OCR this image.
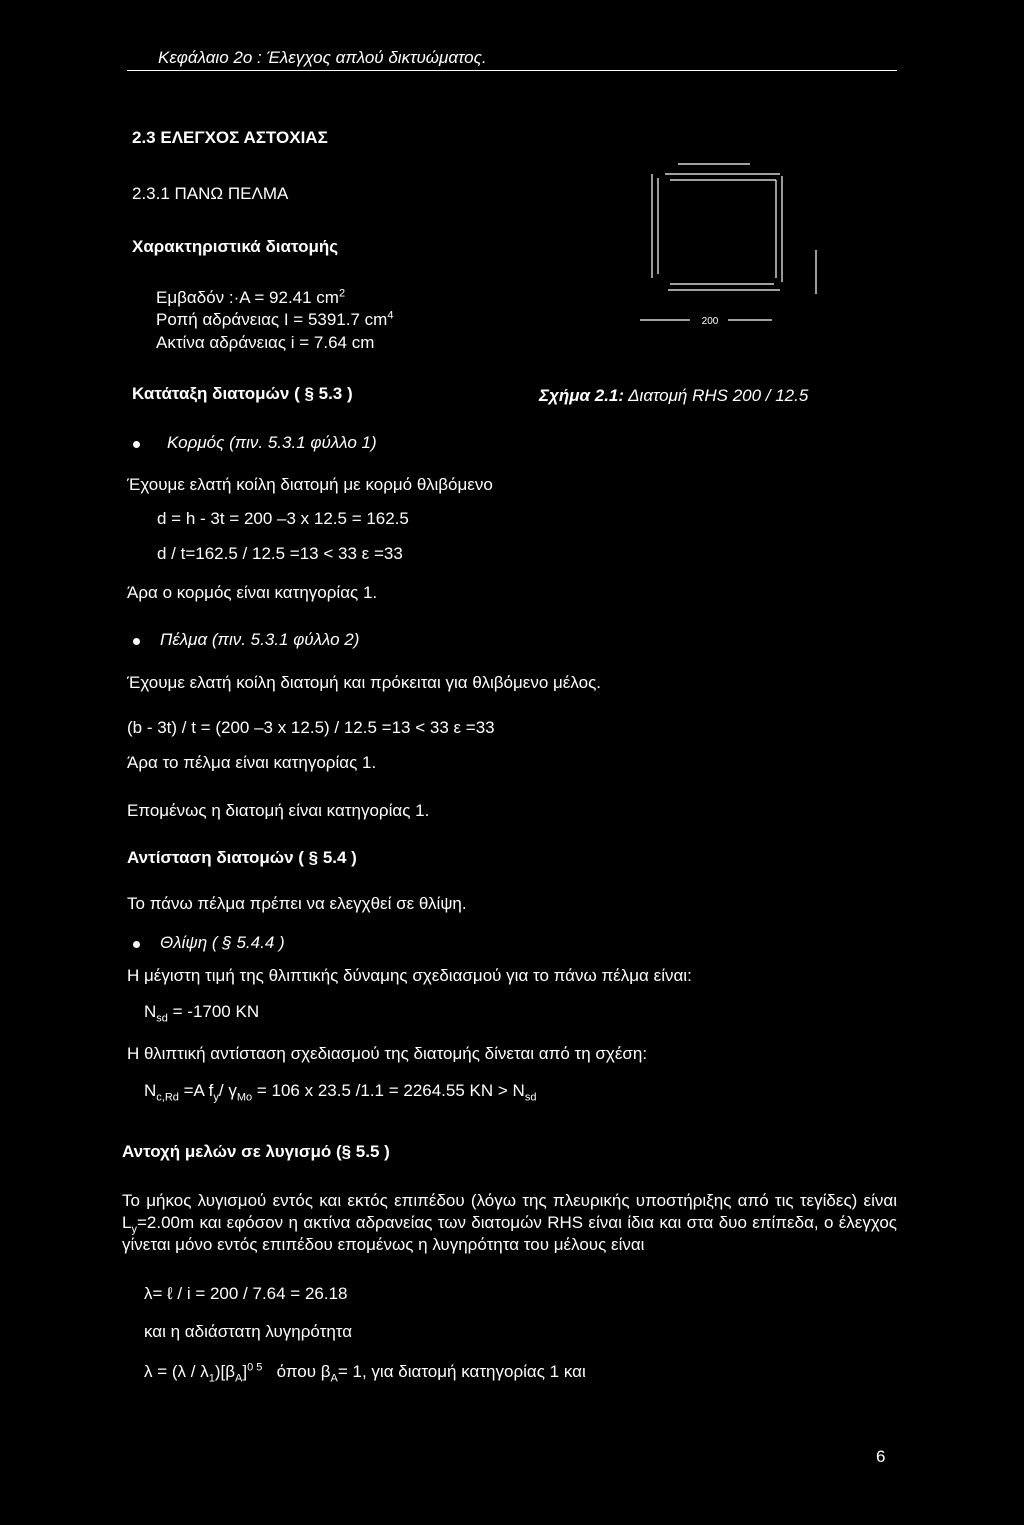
Κεφάλαιο 2ο : Έλεγχος απλού δικτυώματος.
2.3 ΕΛΕΓΧΟΣ ΑΣΤΟΧΙΑΣ
2.3.1 ΠΑΝΩ ΠΕΛΜΑ
Χαρακτηριστικά διατομής
Εμβαδόν :·Α = 92.41 $cm^2$
Ροπή αδράνειας Ι = 5391.7 $cm^4$
Ακτίνα αδράνειας i = 7.64 cm
200
Κατάταξη διατομών ( § 5.3 )	Σχήμα 2.1: Διατομή RHS 200 / 12.5
Κορμός (πιν. 5.3.1 φύλλο 1)
Έχουμε ελατή κοίλη διατομή με κορμό θλιβόμενο
d = h - 3t = 200 –3 x 12.5 = 162.5
d / t=162.5 / 12.5 =13 < 33 ε =33
Άρα ο κορμός είναι κατηγορίας 1.
Πέλμα (πιν. 5.3.1 φύλλο 2)
Έχουμε ελατή κοίλη διατομή και πρόκειται για θλιβόμενο μέλος.
(b - 3t) / t = (200 –3 x 12.5) / 12.5 =13 < 33 ε =33
Άρα το πέλμα είναι κατηγορίας 1.
Επομένως η διατομή είναι κατηγορίας 1.
Αντίσταση διατομών ( § 5.4 )
Το πάνω πέλμα πρέπει να ελεγχθεί σε θλίψη.
Θλίψη ( § 5.4.4 )
Η μέγιστη τιμή της θλιπτικής δύναμης σχεδιασμού για το πάνω πέλμα είναι:
$N_{sd} = -1700$ KN
Η θλιπτική αντίσταση σχεδιασμού της διατομής δίνεται από τη σχέση:
$N_{c,Rd} =A$ $f_y/$ $\gamma_{Mo} = 106$ x 23.5 /1.1 = 2264.55 KN > $N_{sd}$
Αντοχή μελών σε λυγισμό (§ 5.5 )
Το μήκος λυγισμού εντός και εκτός επιπέδου (λόγω της πλευρικής υποστήριξης από τις τεγίδες) είναι $L_y=2.00m$ και εφόσον η ακτίνα αδρανείας των διατομών RHS είναι ίδια και στα δυο επίπεδα, ο έλεγχος γίνεται μόνο εντός επιπέδου επομένως η λυγηρότητα του μέλους είναι
λ= ℓ / i = 200 / 7.64 = 26.18
και η αδιάστατη λυγηρότητα
$\lambda = (\lambda / \lambda_1)[\beta_A]^{0 5}$ όπου $\beta_A= 1$, για διατομή κατηγορίας 1 και
6
